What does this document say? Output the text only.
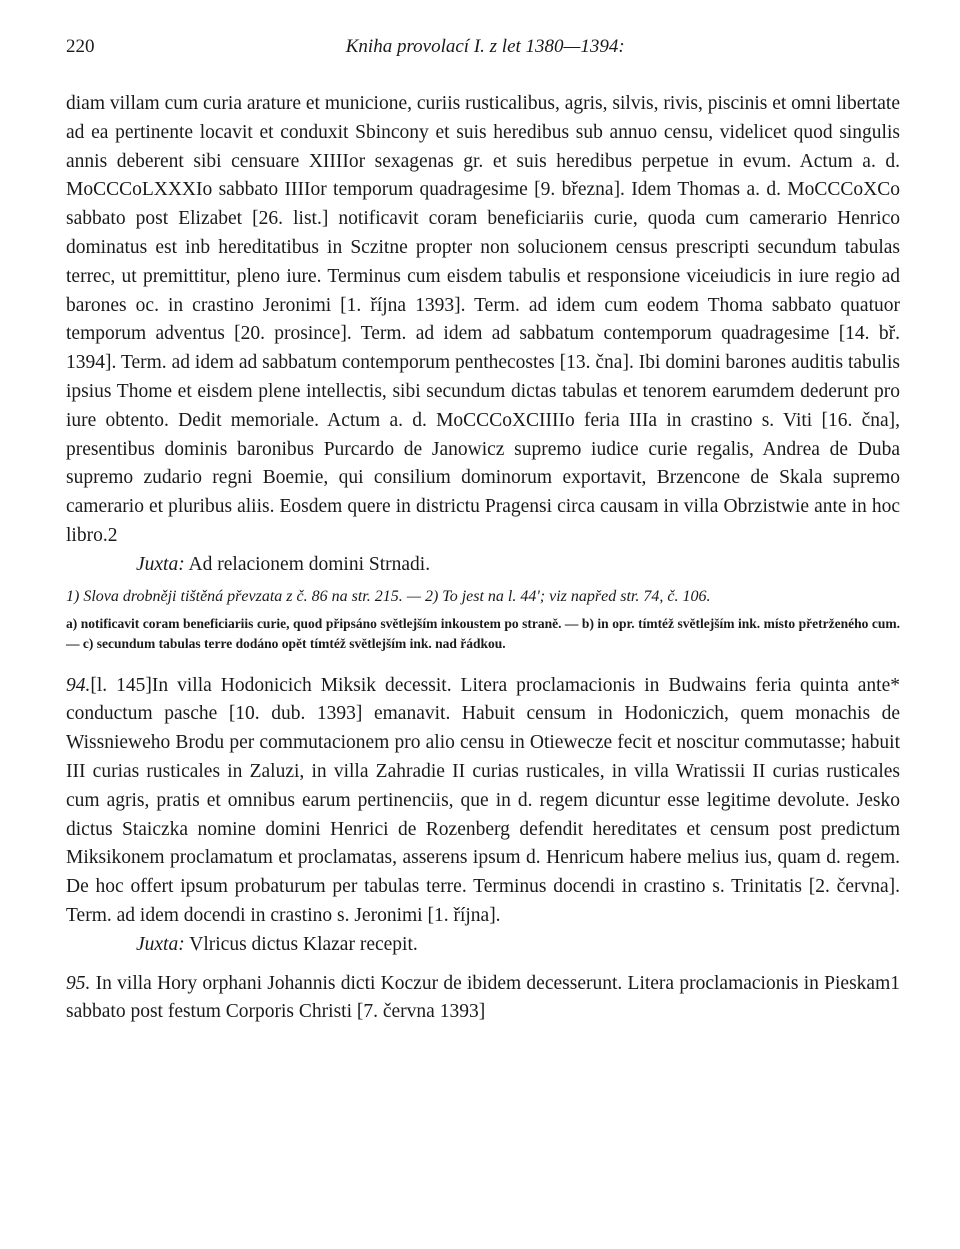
220	Kniha provolací I. z let 1380—1394:

diam villam cum curia arature et municione, curiis rusticalibus, agris, silvis, rivis, piscinis et omni libertate ad ea pertinente locavit et conduxit Sbincony et suis heredibus sub annuo censu, videlicet quod singulis annis deberent sibi censuare XIIIIor sexagenas gr. et suis heredibus perpetue in evum. Actum a. d. MoCCCoLXXXIo sabbato IIIIor temporum quadragesime [9. března]. Idem Thomas a. d. MoCCCoXCo sabbato post Elizabet [26. list.] notificavit coram beneficiariis curie, quoda cum camerario Henrico dominatus est inb hereditatibus in Sczitne propter non solucionem census prescripti secundum tabulas terrec, ut premittitur, pleno iure. Terminus cum eisdem tabulis et responsione viceiudicis in iure regio ad barones oc. in crastino Jeronimi [1. října 1393]. Term. ad idem cum eodem Thoma sabbato quatuor temporum adventus [20. prosince]. Term. ad idem ad sabbatum contemporum quadragesime [14. bř. 1394]. Term. ad idem ad sabbatum contemporum penthecostes [13. čna]. Ibi domini barones auditis tabulis ipsius Thome et eisdem plene intellectis, sibi secundum dictas tabulas et tenorem earumdem dederunt pro iure obtento. Dedit memoriale. Actum a. d. MoCCCoXCIIIIo feria IIIa in crastino s. Viti [16. čna], presentibus dominis baronibus Purcardo de Janowicz supremo iudice curie regalis, Andrea de Duba supremo zudario regni Boemie, qui consilium dominorum exportavit, Brzencone de Skala supremo camerario et pluribus aliis. Eosdem quere in districtu Pragensi circa causam in villa Obrzistwie ante in hoc libro.2

Juxta: Ad relacionem domini Strnadi.

1) Slova drobněji tištěná převzata z č. 86 na str. 215. — 2) To jest na l. 44'; viz napřed str. 74, č. 106.

a) notificavit coram beneficiariis curie, quod připsáno světlejším inkoustem po straně. — b) in opr. tímtéž světlejším ink. místo přetrženého cum. — c) secundum tabulas terre dodáno opět tímtéž světlejším ink. nad řádkou.

94.[l. 145]In villa Hodonicich Miksik decessit. Litera proclamacionis in Budwains feria quinta ante* conductum pasche [10. dub. 1393] emanavit. Habuit censum in Hodoniczich, quem monachis de Wissnieweho Brodu per commutacionem pro alio censu in Otiewecze fecit et noscitur commutasse; habuit III curias rusticales in Zaluzi, in villa Zahradie II curias rusticales, in villa Wratissii II curias rusticales cum agris, pratis et omnibus earum pertinenciis, que in d. regem dicuntur esse legitime devolute. Jesko dictus Staiczka nomine domini Henrici de Rozenberg defendit hereditates et censum post predictum Miksikonem proclamatum et proclamatas, asserens ipsum d. Henricum habere melius ius, quam d. regem. De hoc offert ipsum probaturum per tabulas terre. Terminus docendi in crastino s. Trinitatis [2. června]. Term. ad idem docendi in crastino s. Jeronimi [1. října].

Juxta: Vlricus dictus Klazar recepit.

95. In villa Hory orphani Johannis dicti Koczur de ibidem decesserunt. Litera proclamacionis in Pieskam1 sabbato post festum Corporis Christi [7. června 1393]
